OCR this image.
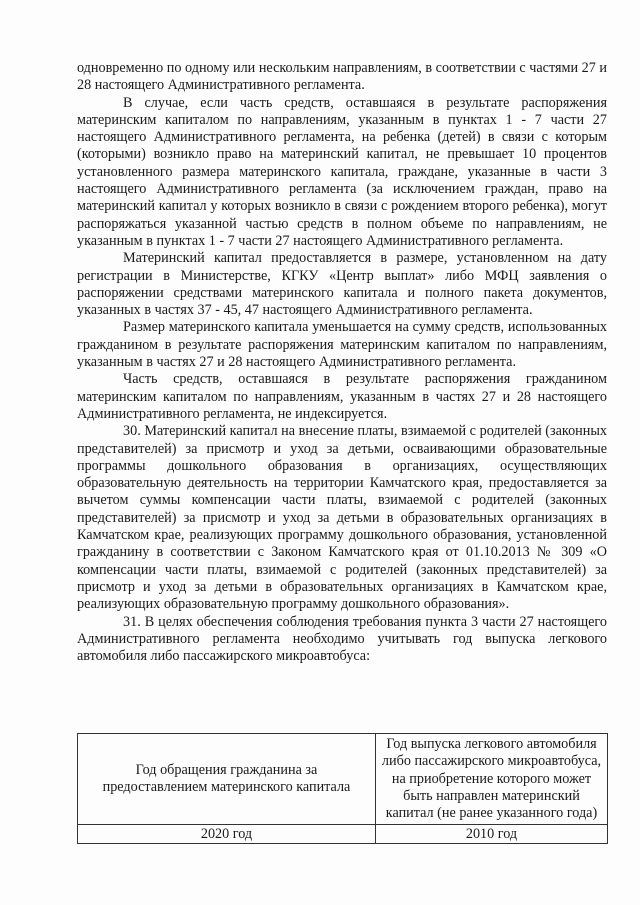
одновременно по одному или нескольким направлениям, в соответствии с частями 27 и 28 настоящего Административного регламента.

В случае, если часть средств, оставшаяся в результате распоряжения материнским капиталом по направлениям, указанным в пунктах 1 - 7 части 27 настоящего Административного регламента, на ребенка (детей) в связи с которым (которыми) возникло право на материнский капитал, не превышает 10 процентов установленного размера материнского капитала, граждане, указанные в части 3 настоящего Административного регламента (за исключением граждан, право на материнский капитал у которых возникло в связи с рождением второго ребенка), могут распоряжаться указанной частью средств в полном объеме по направлениям, не указанным в пунктах 1 - 7 части 27 настоящего Административного регламента.

Материнский капитал предоставляется в размере, установленном на дату регистрации в Министерстве, КГКУ «Центр выплат» либо МФЦ заявления о распоряжении средствами материнского капитала и полного пакета документов, указанных в частях 37 - 45, 47 настоящего Административного регламента.

Размер материнского капитала уменьшается на сумму средств, использованных гражданином в результате распоряжения материнским капиталом по направлениям, указанным в частях 27 и 28 настоящего Административного регламента.

Часть средств, оставшаяся в результате распоряжения гражданином материнским капиталом по направлениям, указанным в частях 27 и 28 настоящего Административного регламента, не индексируется.

30. Материнский капитал на внесение платы, взимаемой с родителей (законных представителей) за присмотр и уход за детьми, осваивающими образовательные программы дошкольного образования в организациях, осуществляющих образовательную деятельность на территории Камчатского края, предоставляется за вычетом суммы компенсации части платы, взимаемой с родителей (законных представителей) за присмотр и уход за детьми в образовательных организациях в Камчатском крае, реализующих программу дошкольного образования, установленной гражданину в соответствии с Законом Камчатского края от 01.10.2013 № 309 «О компенсации части платы, взимаемой с родителей (законных представителей) за присмотр и уход за детьми в образовательных организациях в Камчатском крае, реализующих образовательную программу дошкольного образования».

31. В целях обеспечения соблюдения требования пункта 3 части 27 настоящего Административного регламента необходимо учитывать год выпуска легкового автомобиля либо пассажирского микроавтобуса:

Год обращения гражданина за предоставлением материнского капитала	Год выпуска легкового автомобиля либо пассажирского микроавтобуса, на приобретение которого может быть направлен материнский капитал (не ранее указанного года)
2020 год	2010 год
